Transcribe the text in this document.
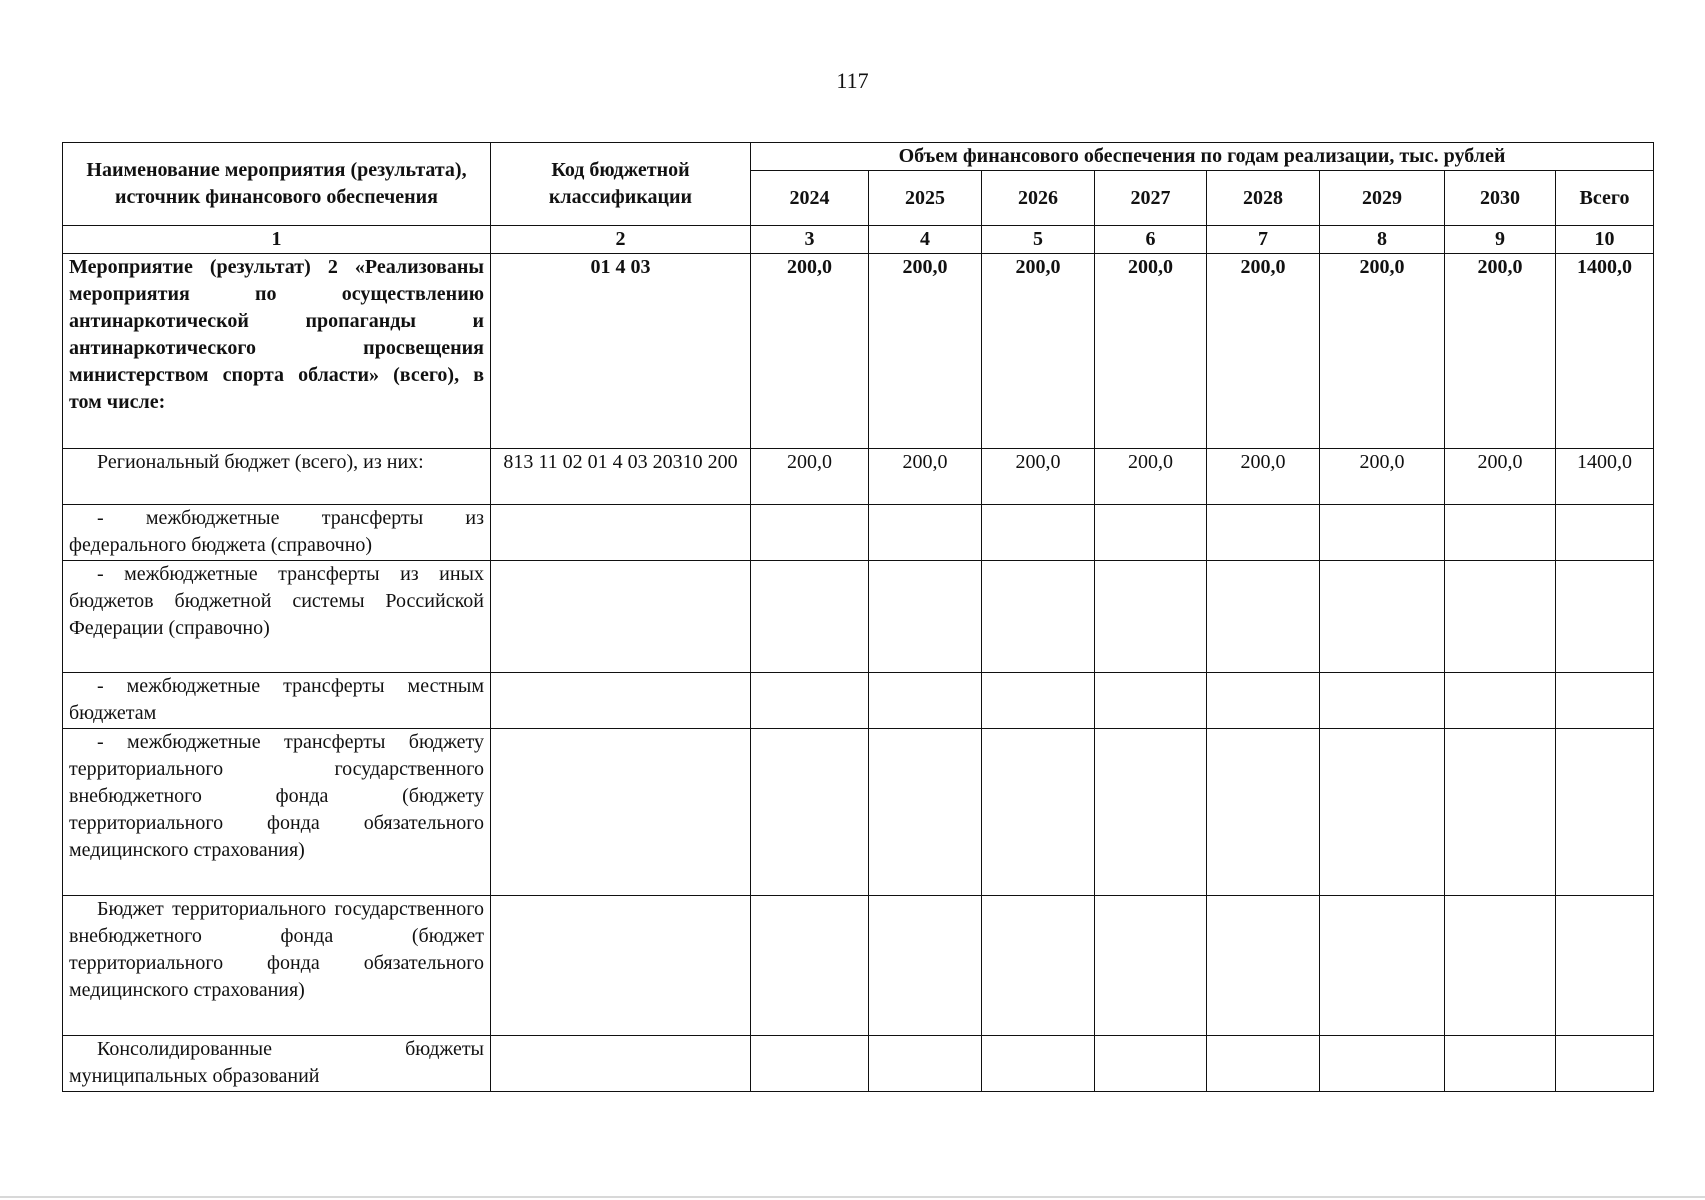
117
Наименование мероприятия (результата), источник финансового обеспечения	Код бюджетной классификации	Объем финансового обеспечения по годам реализации, тыс. рублей							
		2024	2025	2026	2027	2028	2029	2030	Всего
1	2	3	4	5	6	7	8	9	10
Мероприятие (результат) 2 «Реализованы мероприятия по осуществлению антинаркотической пропаганды и антинаркотического просвещения министерством спорта области» (всего), в том числе:	01 4 03	200,0	200,0	200,0	200,0	200,0	200,0	200,0	1400,0
Региональный бюджет (всего), из них:	813 11 02 01 4 03 20310 200	200,0	200,0	200,0	200,0	200,0	200,0	200,0	1400,0
- межбюджетные трансферты из федерального бюджета (справочно)									
- межбюджетные трансферты из иных бюджетов бюджетной системы Российской Федерации (справочно)									
- межбюджетные трансферты местным бюджетам									
- межбюджетные трансферты бюджету территориального государственного внебюджетного фонда (бюджету территориального фонда обязательного медицинского страхования)									
Бюджет территориального государственного внебюджетного фонда (бюджет территориального фонда обязательного медицинского страхования)									
Консолидированные бюджеты муниципальных образований									
